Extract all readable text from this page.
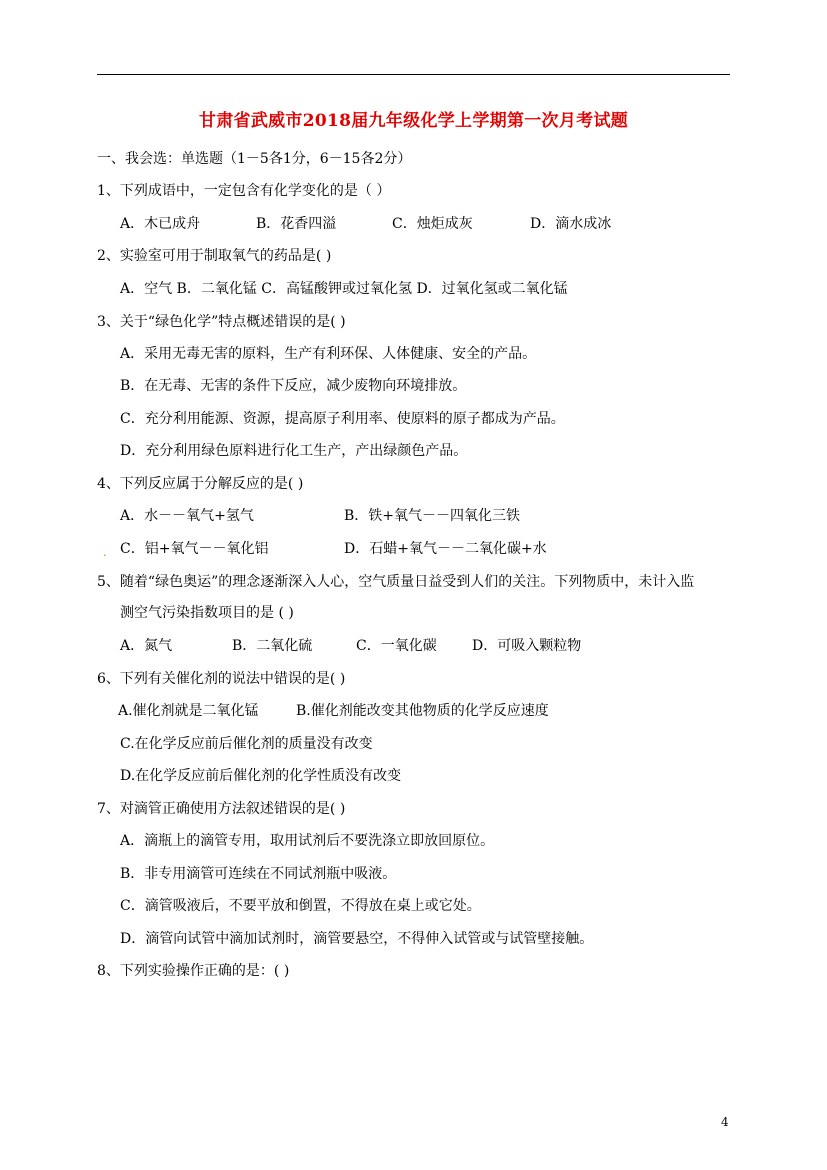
甘肃省武威市2018届九年级化学上学期第一次月考试题
一、我会选：单选题（1－5各1分，6－15各2分）
1、下列成语中，一定包含有化学变化的是（ ）
A．木已成舟	B．花香四溢	C．烛炬成灰	D．滴水成冰
2、实验室可用于制取氧气的药品是( )
A．空气 B．二氧化锰 C．高锰酸钾或过氧化氢 D．过氧化氢或二氧化锰
3、关于“绿色化学”特点概述错误的是( )
A．采用无毒无害的原料，生产有利环保、人体健康、安全的产品。
B．在无毒、无害的条件下反应，减少废物向环境排放。
C．充分利用能源、资源，提高原子利用率、使原料的原子都成为产品。
D．充分利用绿色原料进行化工生产，产出绿颜色产品。
4、下列反应属于分解反应的是( )
A．水－－氧气+氢气	B．铁+氧气－－四氧化三铁
. C．铝+氧气－－氧化铝	D．石蜡+氧气－－二氧化碳+水
5、随着“绿色奥运”的理念逐渐深入人心，空气质量日益受到人们的关注。下列物质中，未计入监
测空气污染指数项目的是 ( )
A．氮气	B．二氧化硫	C．一氧化碳	D．可吸入颗粒物
6、下列有关催化剂的说法中错误的是( )
A.催化剂就是二氧化锰	B.催化剂能改变其他物质的化学反应速度
C.在化学反应前后催化剂的质量没有改变
D.在化学反应前后催化剂的化学性质没有改变
7、对滴管正确使用方法叙述错误的是( )
A．滴瓶上的滴管专用，取用试剂后不要洗涤立即放回原位。
B．非专用滴管可连续在不同试剂瓶中吸液。
C．滴管吸液后，不要平放和倒置，不得放在桌上或它处。
D．滴管向试管中滴加试剂时，滴管要悬空，不得伸入试管或与试管壁接触。
8、下列实验操作正确的是：( )
4
